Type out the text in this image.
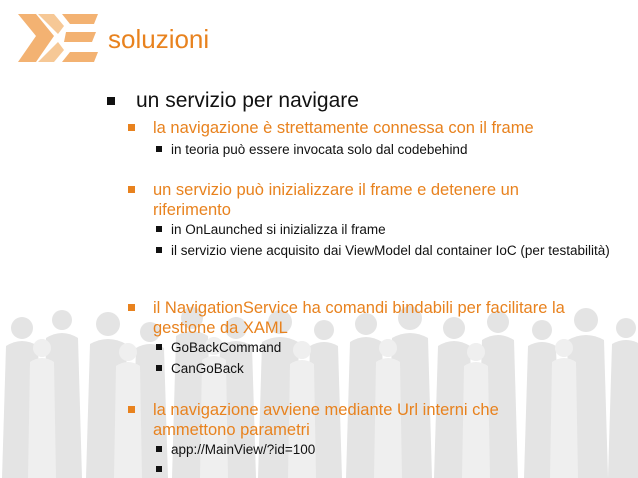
soluzioni
un servizio per navigare
la navigazione è strettamente connessa con il frame
in teoria può essere invocata solo dal codebehind
un servizio può inizializzare il frame e detenere un riferimento
in OnLaunched si inizializza il frame
il servizio viene acquisito dai ViewModel dal container IoC (per testabilità)
il NavigationService ha comandi bindabili per facilitare la gestione da XAML
GoBackCommand
CanGoBack
la navigazione avviene mediante Url interni che ammettono parametri
app://MainView/?id=100
